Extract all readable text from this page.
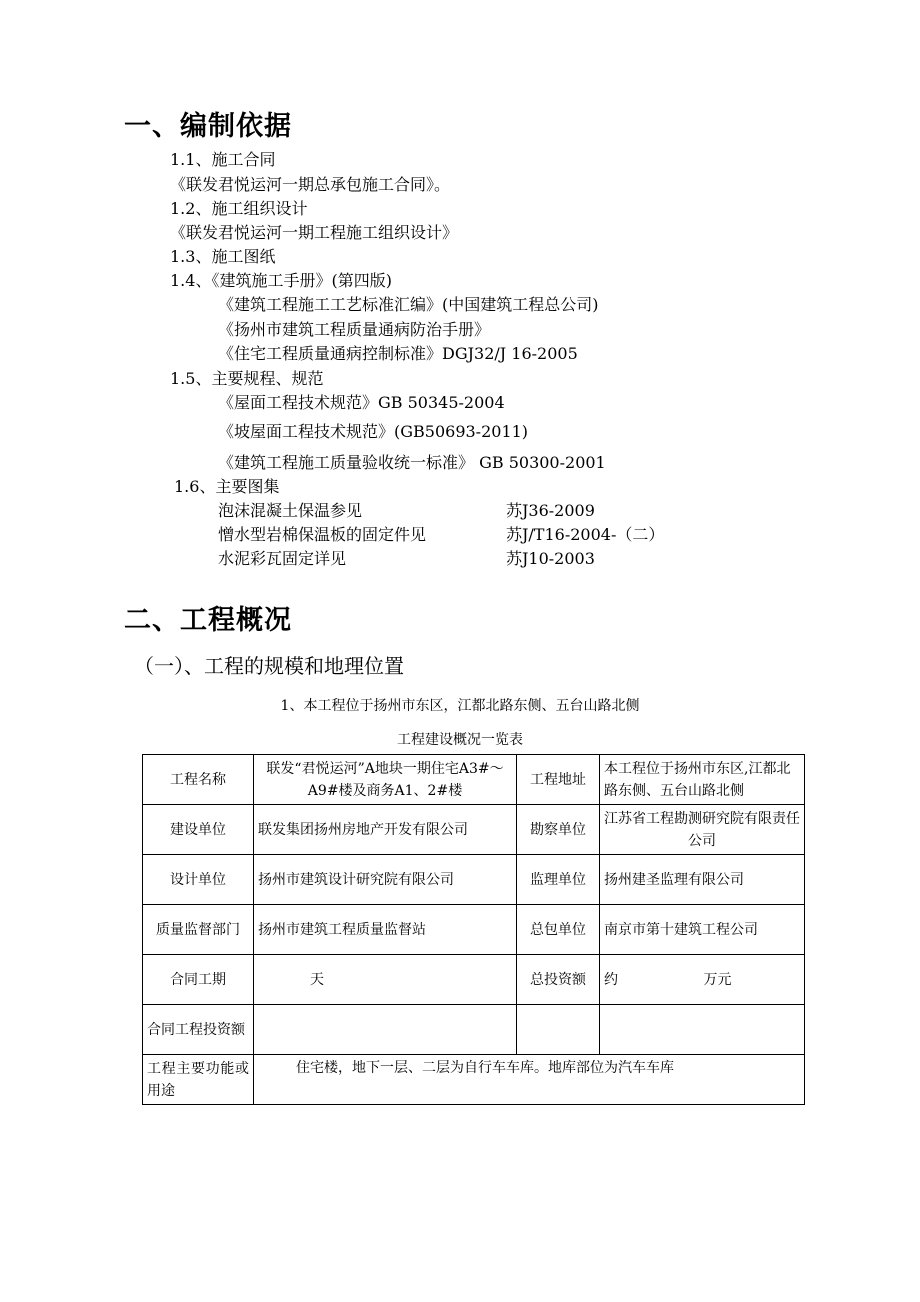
一、编制依据
1.1、施工合同
《联发君悦运河一期总承包施工合同》。
1.2、施工组织设计
《联发君悦运河一期工程施工组织设计》
1.3、施工图纸
1.4、《建筑施工手册》(第四版)
《建筑工程施工工艺标准汇编》(中国建筑工程总公司)
《扬州市建筑工程质量通病防治手册》
《住宅工程质量通病控制标准》DGJ32/J 16-2005
1.5、主要规程、规范
《屋面工程技术规范》GB 50345-2004
《坡屋面工程技术规范》(GB50693-2011)
《建筑工程施工质量验收统一标准》 GB 50300-2001
1.6、主要图集
泡沫混凝土保温参见	苏J36-2009
憎水型岩棉保温板的固定件见	苏J/T16-2004-（二）
水泥彩瓦固定详见	苏J10-2003
二、工程概况
（一）、工程的规模和地理位置
1、本工程位于扬州市东区，江都北路东侧、五台山路北侧
工程建设概况一览表
工程名称	联发“君悦运河”A地块一期住宅A3#～A9#楼及商务A1、2#楼	工程地址	本工程位于扬州市东区,江都北路东侧、五台山路北侧	
建设单位	联发集团扬州房地产开发有限公司	勘察单位	江苏省工程勘测研究院有限责任公司	
设计单位	扬州市建筑设计研究院有限公司	监理单位	扬州建圣监理有限公司	
质量监督部门	扬州市建筑工程质量监督站	总包单位	南京市第十建筑工程公司	
合同工期	天	总投资额	约	万元
合同工程投资额				
工程主要功能或用途	住宅楼，地下一层、二层为自行车车库。地库部位为汽车车库			
